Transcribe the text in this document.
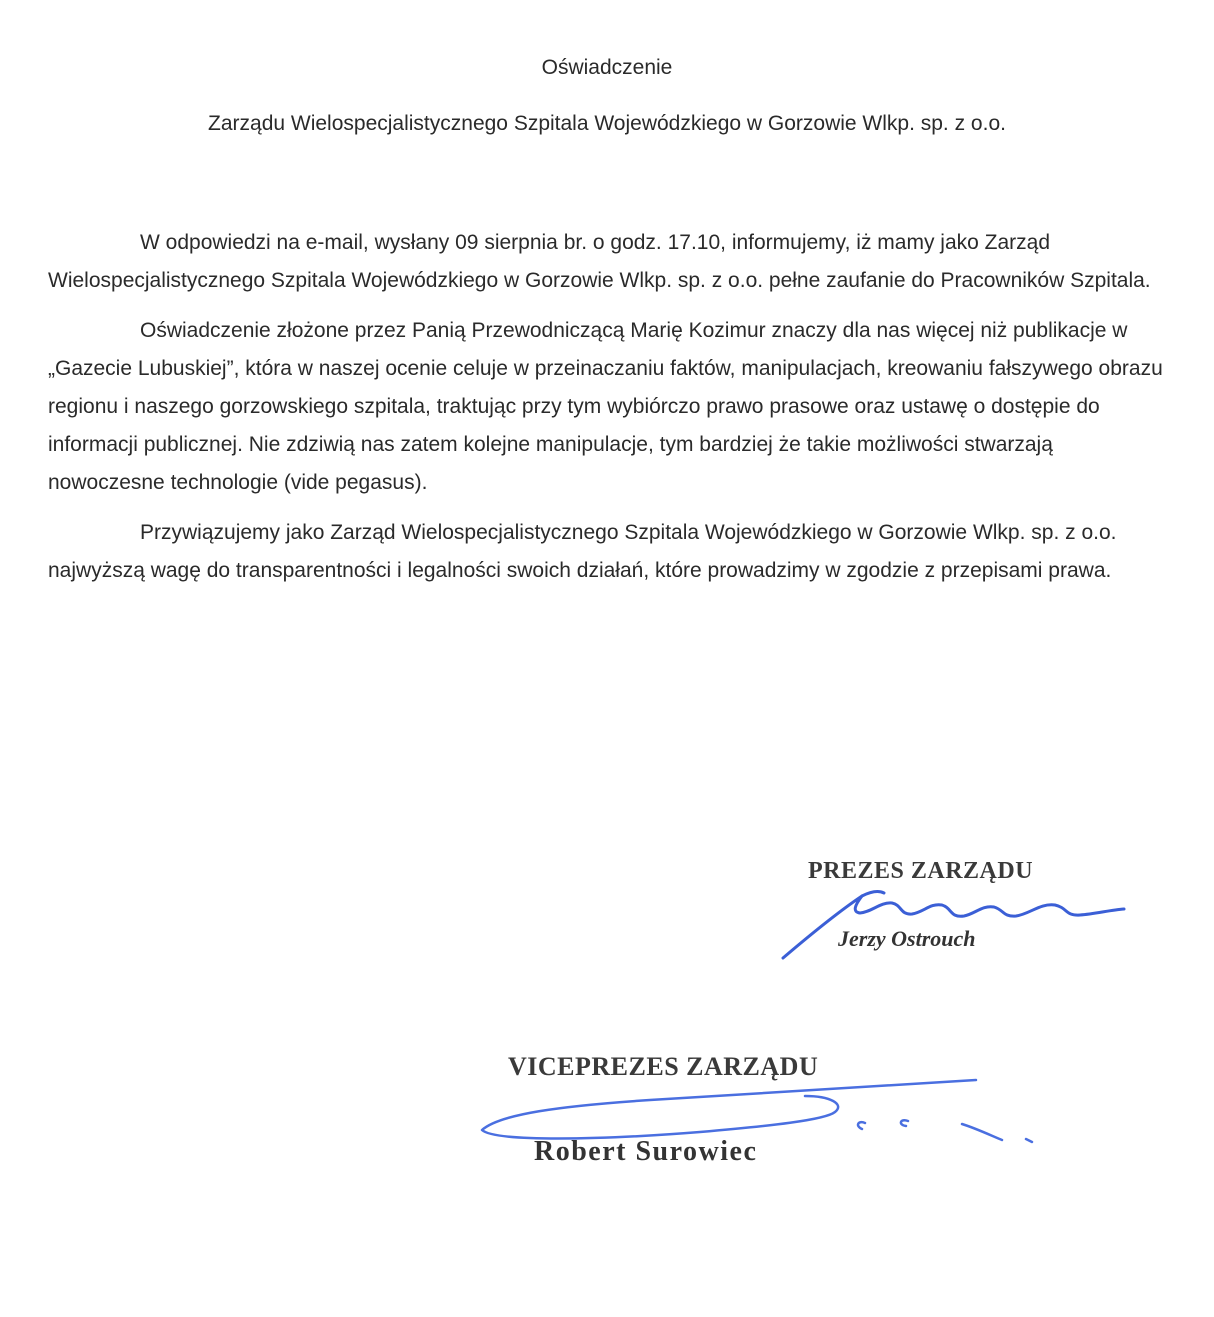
Oświadczenie
Zarządu Wielospecjalistycznego Szpitala Wojewódzkiego w Gorzowie Wlkp. sp. z o.o.

W odpowiedzi na e-mail, wysłany 09 sierpnia br. o godz. 17.10, informujemy, iż mamy jako Zarząd Wielospecjalistycznego Szpitala Wojewódzkiego w Gorzowie Wlkp. sp. z o.o. pełne zaufanie do Pracowników Szpitala.

Oświadczenie złożone przez Panią Przewodniczącą Marię Kozimur znaczy dla nas więcej niż publikacje w „Gazecie Lubuskiej”, która w naszej ocenie celuje w przeinaczaniu faktów, manipulacjach, kreowaniu fałszywego obrazu regionu i naszego gorzowskiego szpitala, traktując przy tym wybiórczo prawo prasowe oraz ustawę o dostępie do informacji publicznej. Nie zdziwią nas zatem kolejne manipulacje, tym bardziej że takie możliwości stwarzają nowoczesne technologie (vide pegasus).

Przywiązujemy jako Zarząd Wielospecjalistycznego Szpitala Wojewódzkiego w Gorzowie Wlkp. sp. z o.o. najwyższą wagę do transparentności i legalności swoich działań, które prowadzimy w zgodzie z przepisami prawa.

PREZES ZARZĄDU

Jerzy Ostrouch

VICEPREZES ZARZĄDU

Robert Surowiec
